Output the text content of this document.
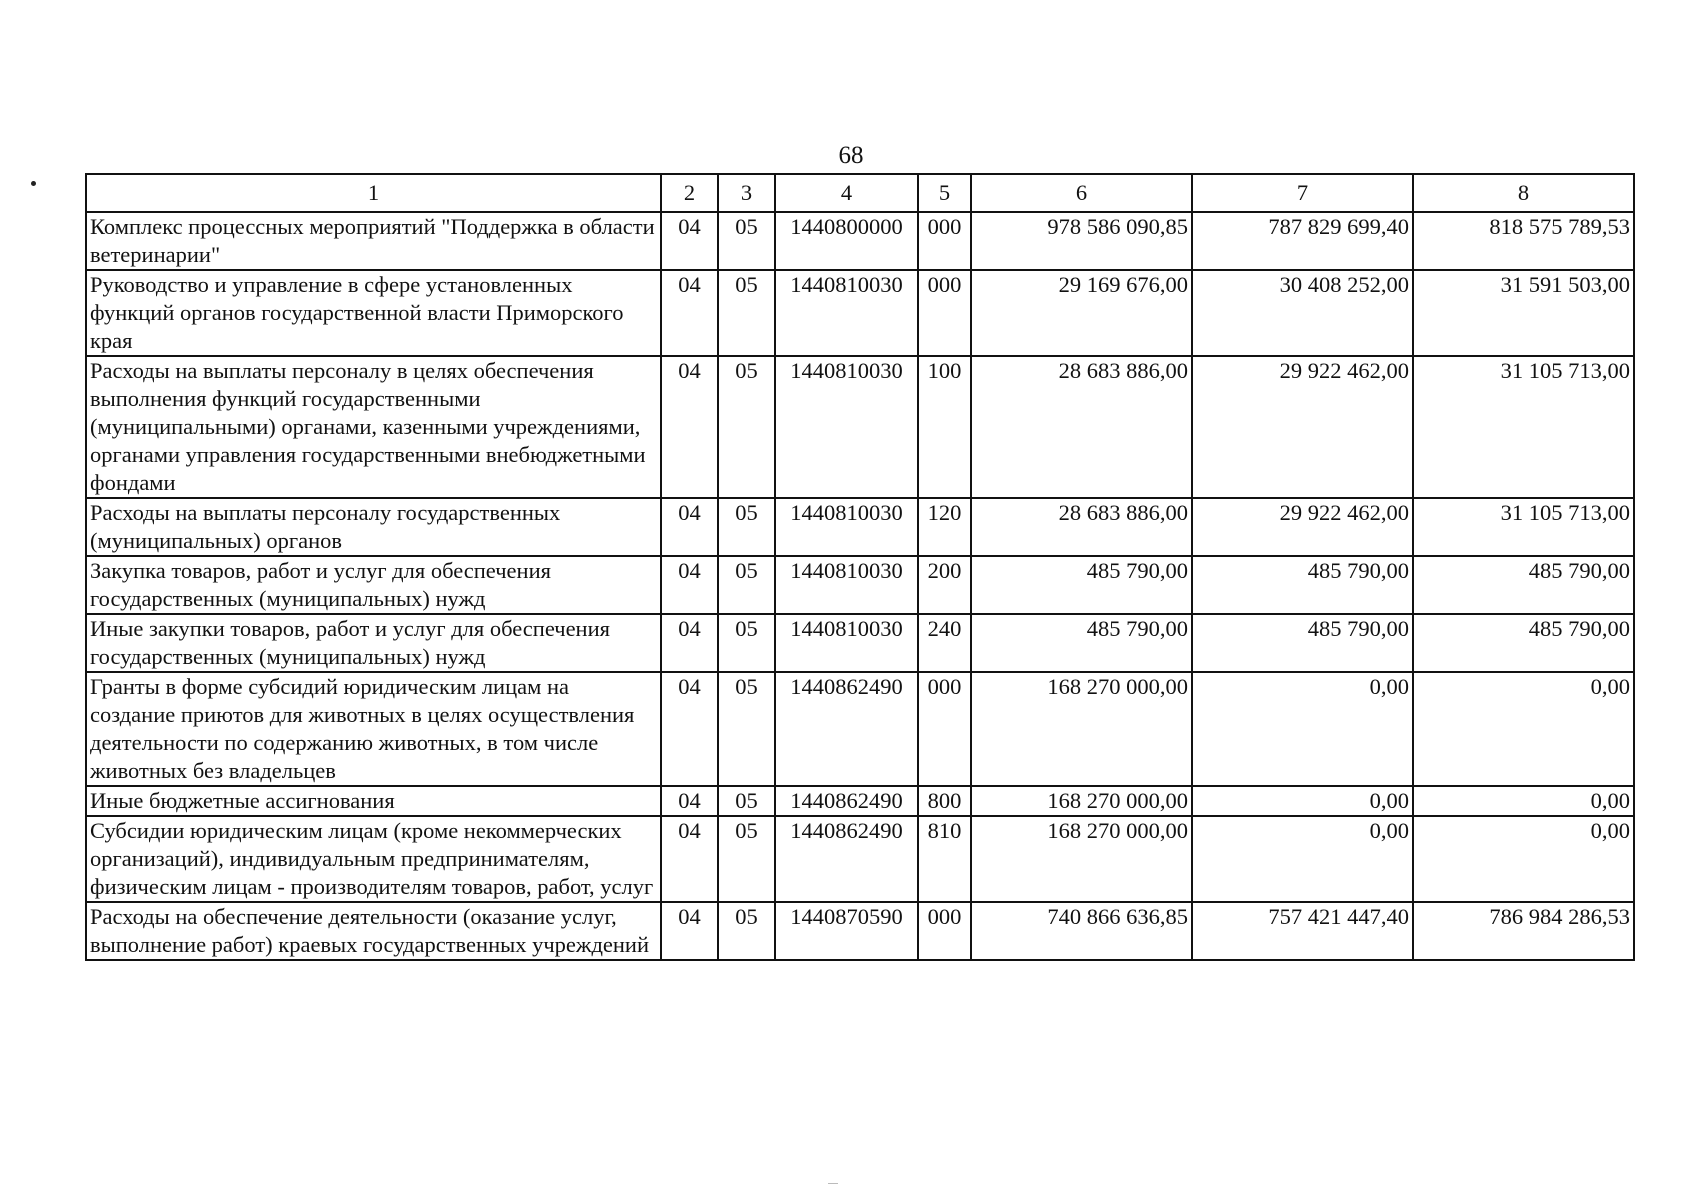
68
1	2	3	4	5	6	7	8
Комплекс процессных мероприятий "Поддержка в области ветеринарии"	04	05	1440800000	000	978 586 090,85	787 829 699,40	818 575 789,53
Руководство и управление в сфере установленных функций органов государственной власти Приморского края	04	05	1440810030	000	29 169 676,00	30 408 252,00	31 591 503,00
Расходы на выплаты персоналу в целях обеспечения выполнения функций государственными (муниципальными) органами, казенными учреждениями, органами управления государственными внебюджетными фондами	04	05	1440810030	100	28 683 886,00	29 922 462,00	31 105 713,00
Расходы на выплаты персоналу государственных (муниципальных) органов	04	05	1440810030	120	28 683 886,00	29 922 462,00	31 105 713,00
Закупка товаров, работ и услуг для обеспечения государственных (муниципальных) нужд	04	05	1440810030	200	485 790,00	485 790,00	485 790,00
Иные закупки товаров, работ и услуг для обеспечения государственных (муниципальных) нужд	04	05	1440810030	240	485 790,00	485 790,00	485 790,00
Гранты в форме субсидий юридическим лицам на создание приютов для животных в целях осуществления деятельности по содержанию животных, в том числе животных без владельцев	04	05	1440862490	000	168 270 000,00	0,00	0,00
Иные бюджетные ассигнования	04	05	1440862490	800	168 270 000,00	0,00	0,00
Субсидии юридическим лицам (кроме некоммерческих организаций), индивидуальным предпринимателям, физическим лицам - производителям товаров, работ, услуг	04	05	1440862490	810	168 270 000,00	0,00	0,00
Расходы на обеспечение деятельности (оказание услуг, выполнение работ) краевых государственных учреждений	04	05	1440870590	000	740 866 636,85	757 421 447,40	786 984 286,53
